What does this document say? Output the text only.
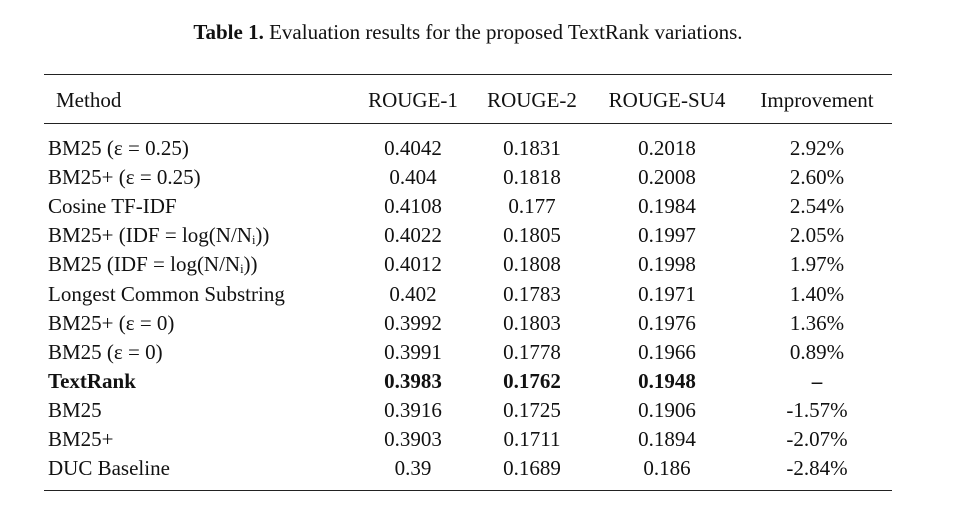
Table 1. Evaluation results for the proposed TextRank variations.
Method	ROUGE-1	ROUGE-2	ROUGE-SU4	Improvement
BM25 (ε = 0.25)	0.4042	0.1831	0.2018	2.92%
BM25+ (ε = 0.25)	0.404	0.1818	0.2008	2.60%
Cosine TF-IDF	0.4108	0.177	0.1984	2.54%
BM25+ (IDF = log(N/Nᵢ))	0.4022	0.1805	0.1997	2.05%
BM25 (IDF = log(N/Nᵢ))	0.4012	0.1808	0.1998	1.97%
Longest Common Substring	0.402	0.1783	0.1971	1.40%
BM25+ (ε = 0)	0.3992	0.1803	0.1976	1.36%
BM25 (ε = 0)	0.3991	0.1778	0.1966	0.89%
TextRank	0.3983	0.1762	0.1948	–
BM25	0.3916	0.1725	0.1906	-1.57%
BM25+	0.3903	0.1711	0.1894	-2.07%
DUC Baseline	0.39	0.1689	0.186	-2.84%
